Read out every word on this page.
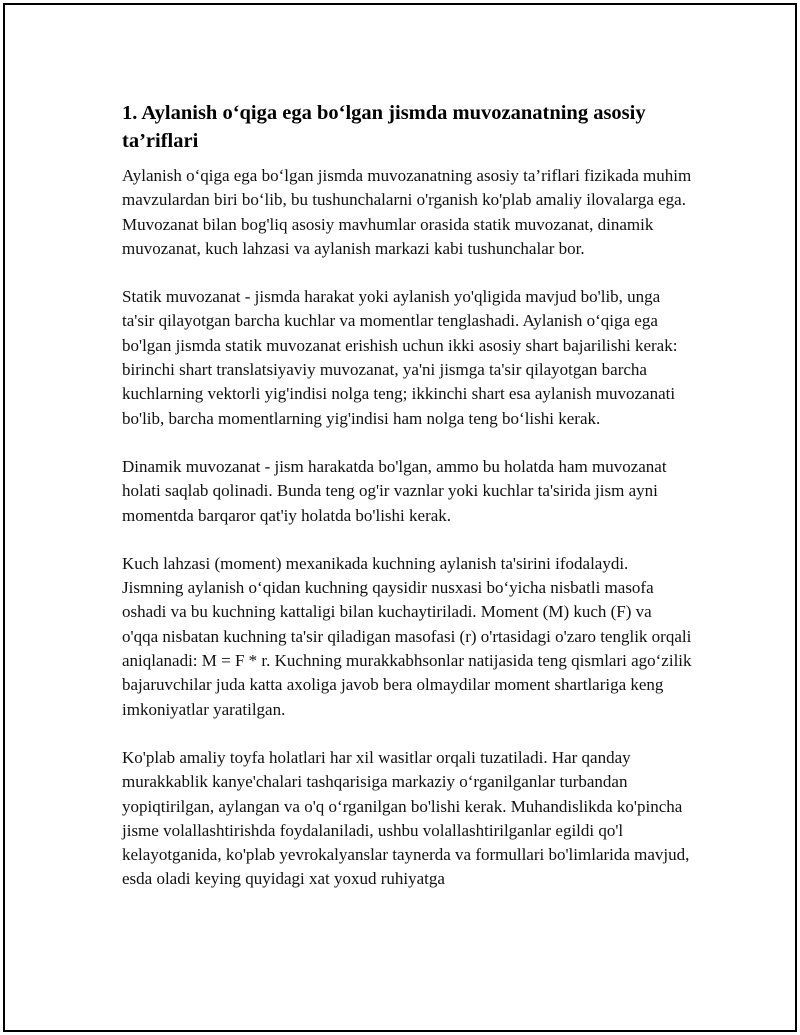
1. Aylanish o‘qiga ega bo‘lgan jismda muvozanatning asosiy ta’riflari

Aylanish o‘qiga ega bo‘lgan jismda muvozanatning asosiy ta’riflari fizikada muhim mavzulardan biri bo‘lib, bu tushunchalarni o'rganish ko'plab amaliy ilovalarga ega. Muvozanat bilan bog'liq asosiy mavhumlar orasida statik muvozanat, dinamik muvozanat, kuch lahzasi va aylanish markazi kabi tushunchalar bor.

Statik muvozanat - jismda harakat yoki aylanish yo'qligida mavjud bo'lib, unga ta'sir qilayotgan barcha kuchlar va momentlar tenglashadi. Aylanish o‘qiga ega bo'lgan jismda statik muvozanat erishish uchun ikki asosiy shart bajarilishi kerak: birinchi shart translatsiyaviy muvozanat, ya'ni jismga ta'sir qilayotgan barcha kuchlarning vektorli yig'indisi nolga teng; ikkinchi shart esa aylanish muvozanati bo'lib, barcha momentlarning yig'indisi ham nolga teng bo‘lishi kerak.

Dinamik muvozanat - jism harakatda bo'lgan, ammo bu holatda ham muvozanat holati saqlab qolinadi. Bunda teng og'ir vaznlar yoki kuchlar ta'sirida jism ayni momentda barqaror qat'iy holatda bo'lishi kerak.

Kuch lahzasi (moment) mexanikada kuchning aylanish ta'sirini ifodalaydi. Jismning aylanish o‘qidan kuchning qaysidir nusxasi bo‘yicha nisbatli masofa oshadi va bu kuchning kattaligi bilan kuchaytiriladi. Moment (M) kuch (F) va o'qqa nisbatan kuchning ta'sir qiladigan masofasi (r) o'rtasidagi o'zaro tenglik orqali aniqlanadi: M = F * r. Kuchning murakkabhsonlar natijasida teng qismlari ago‘zilik bajaruvchilar juda katta axoliga javob bera olmaydilar moment shartlariga keng imkoniyatlar yaratilgan.

Ko'plab amaliy toyfa holatlari har xil wasitlar orqali tuzatiladi. Har qanday murakkablik kanye'chalari tashqarisiga markaziy o‘rganilganlar turbandan yopiqtirilgan, aylangan va o'q o‘rganilgan bo'lishi kerak. Muhandislikda ko'pincha jisme volallashtirishda foydalaniladi, ushbu volallashtirilganlar egildi qo'l kelayotganida, ko'plab yevrokalyanslar taynerda va formullari bo'limlarida mavjud, esda oladi keying quyidagi xat yoxud ruhiyatga
